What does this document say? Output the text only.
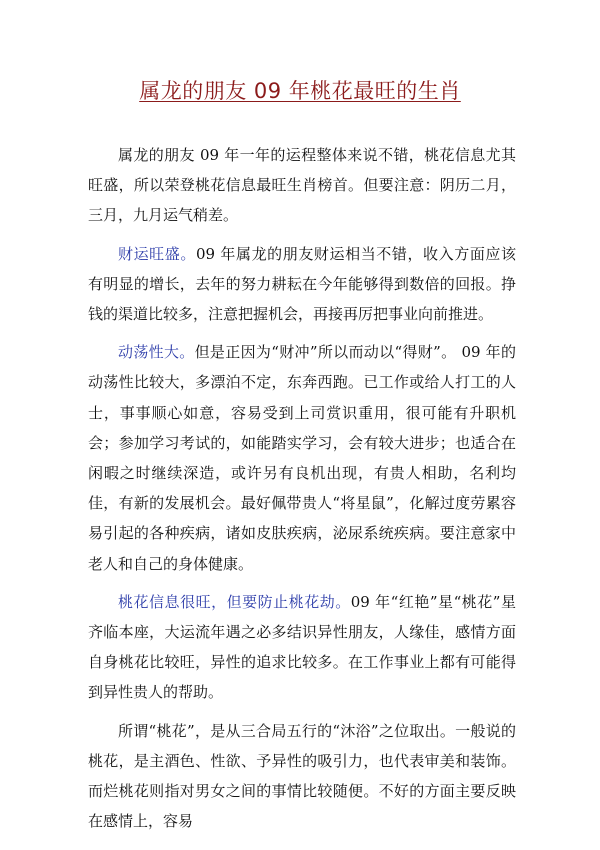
属龙的朋友 09 年桃花最旺的生肖

属龙的朋友 09 年一年的运程整体来说不错，桃花信息尤其旺盛，所以荣登桃花信息最旺生肖榜首。但要注意：阴历二月，三月，九月运气稍差。

财运旺盛。09 年属龙的朋友财运相当不错，收入方面应该有明显的增长，去年的努力耕耘在今年能够得到数倍的回报。挣钱的渠道比较多，注意把握机会，再接再厉把事业向前推进。

动荡性大。但是正因为“财冲”所以而动以“得财”。 09 年的动荡性比较大，多漂泊不定，东奔西跑。已工作或给人打工的人士，事事顺心如意，容易受到上司赏识重用，很可能有升职机会；参加学习考试的，如能踏实学习，会有较大进步；也适合在闲暇之时继续深造，或许另有良机出现，有贵人相助，名利均佳，有新的发展机会。最好佩带贵人“将星鼠”，化解过度劳累容易引起的各种疾病，诸如皮肤疾病，泌尿系统疾病。要注意家中老人和自己的身体健康。

桃花信息很旺，但要防止桃花劫。09 年“红艳”星“桃花”星齐临本座，大运流年遇之必多结识异性朋友，人缘佳，感情方面自身桃花比较旺，异性的追求比较多。在工作事业上都有可能得到异性贵人的帮助。

所谓“桃花”，是从三合局五行的“沐浴”之位取出。一般说的桃花，是主酒色、性欲、予异性的吸引力，也代表审美和装饰。而烂桃花则指对男女之间的事情比较随便。不好的方面主要反映在感情上，容易
